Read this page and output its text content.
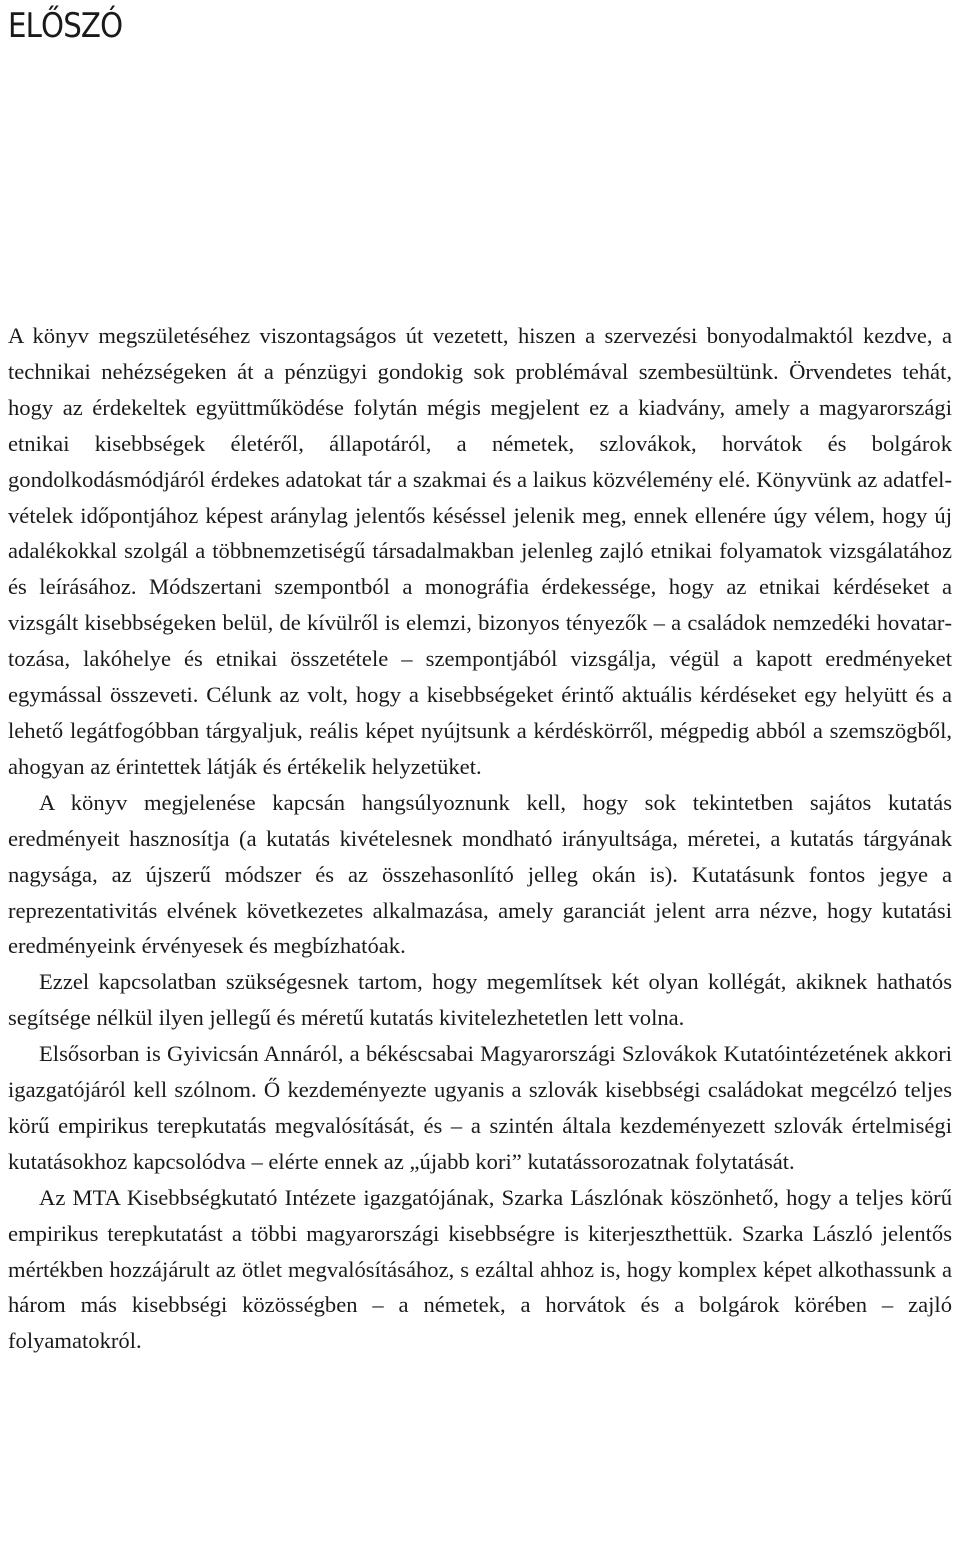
ELŐSZÓ

A könyv megszületéséhez viszontagságos út vezetett, hiszen a szervezési bonyodalmaktól kezdve, a technikai nehézségeken át a pénzügyi gondokig sok problémával szembesültünk. Örvendetes tehát, hogy az érdekeltek együttműködése folytán mégis megjelent ez a kiadvány, amely a magyarországi etnikai kisebbségek életéről, állapotáról, a németek, szlovákok, horvátok és bolgárok gondolkodásmódjáról érdekes adatokat tár a szakmai és a laikus közvélemény elé. Könyvünk az adatfelvételek időpontjához képest aránylag jelentős késéssel jelenik meg, ennek ellenére úgy vélem, hogy új adalékokkal szolgál a többnemzetiségű társadalmakban jelenleg zajló etnikai folyamatok vizsgálatához és leírásához. Módszertani szempontból a monográfia érdekessége, hogy az etnikai kérdéseket a vizsgált kisebbségeken belül, de kívülről is elemzi, bizonyos tényezők – a családok nemzedéki hovatartozása, lakóhelye és etnikai összetétele – szempontjából vizsgálja, végül a kapott eredményeket egymással összeveti. Célunk az volt, hogy a kisebbségeket érintő aktuális kérdéseket egy helyütt és a lehető legátfogóbban tárgyaljuk, reális képet nyújtsunk a kérdéskörről, mégpedig abból a szemszögből, ahogyan az érintettek látják és értékelik helyzetüket.

A könyv megjelenése kapcsán hangsúlyoznunk kell, hogy sok tekintetben sajátos kutatás eredményeit hasznosítja (a kutatás kivételesnek mondható irányultsága, méretei, a kutatás tárgyának nagysága, az újszerű módszer és az összehasonlító jelleg okán is). Kutatásunk fontos jegye a reprezentativitás elvének következetes alkalmazása, amely garanciát jelent arra nézve, hogy kutatási eredményeink érvényesek és megbízhatóak.

Ezzel kapcsolatban szükségesnek tartom, hogy megemlítsek két olyan kollégát, akiknek hathatós segítsége nélkül ilyen jellegű és méretű kutatás kivitelezhetetlen lett volna.

Elsősorban is Gyivicsán Annáról, a békéscsabai Magyarországi Szlovákok Kutatóintézetének akkori igazgatójáról kell szólnom. Ő kezdeményezte ugyanis a szlovák kisebbségi családokat megcélzó teljes körű empirikus terepkutatás megvalósítását, és – a szintén általa kezdeményezett szlovák értelmiségi kutatásokhoz kapcsolódva – elérte ennek az „újabb kori” kutatássorozatnak folytatását.

Az MTA Kisebbségkutató Intézete igazgatójának, Szarka Lászlónak köszönhető, hogy a teljes körű empirikus terepkutatást a többi magyarországi kisebbségre is kiterjeszthettük. Szarka László jelentős mértékben hozzájárult az ötlet megvalósításához, s ezáltal ahhoz is, hogy komplex képet alkothassunk a három más kisebbségi közösségben – a németek, a horvátok és a bolgárok körében – zajló folyamatokról.
